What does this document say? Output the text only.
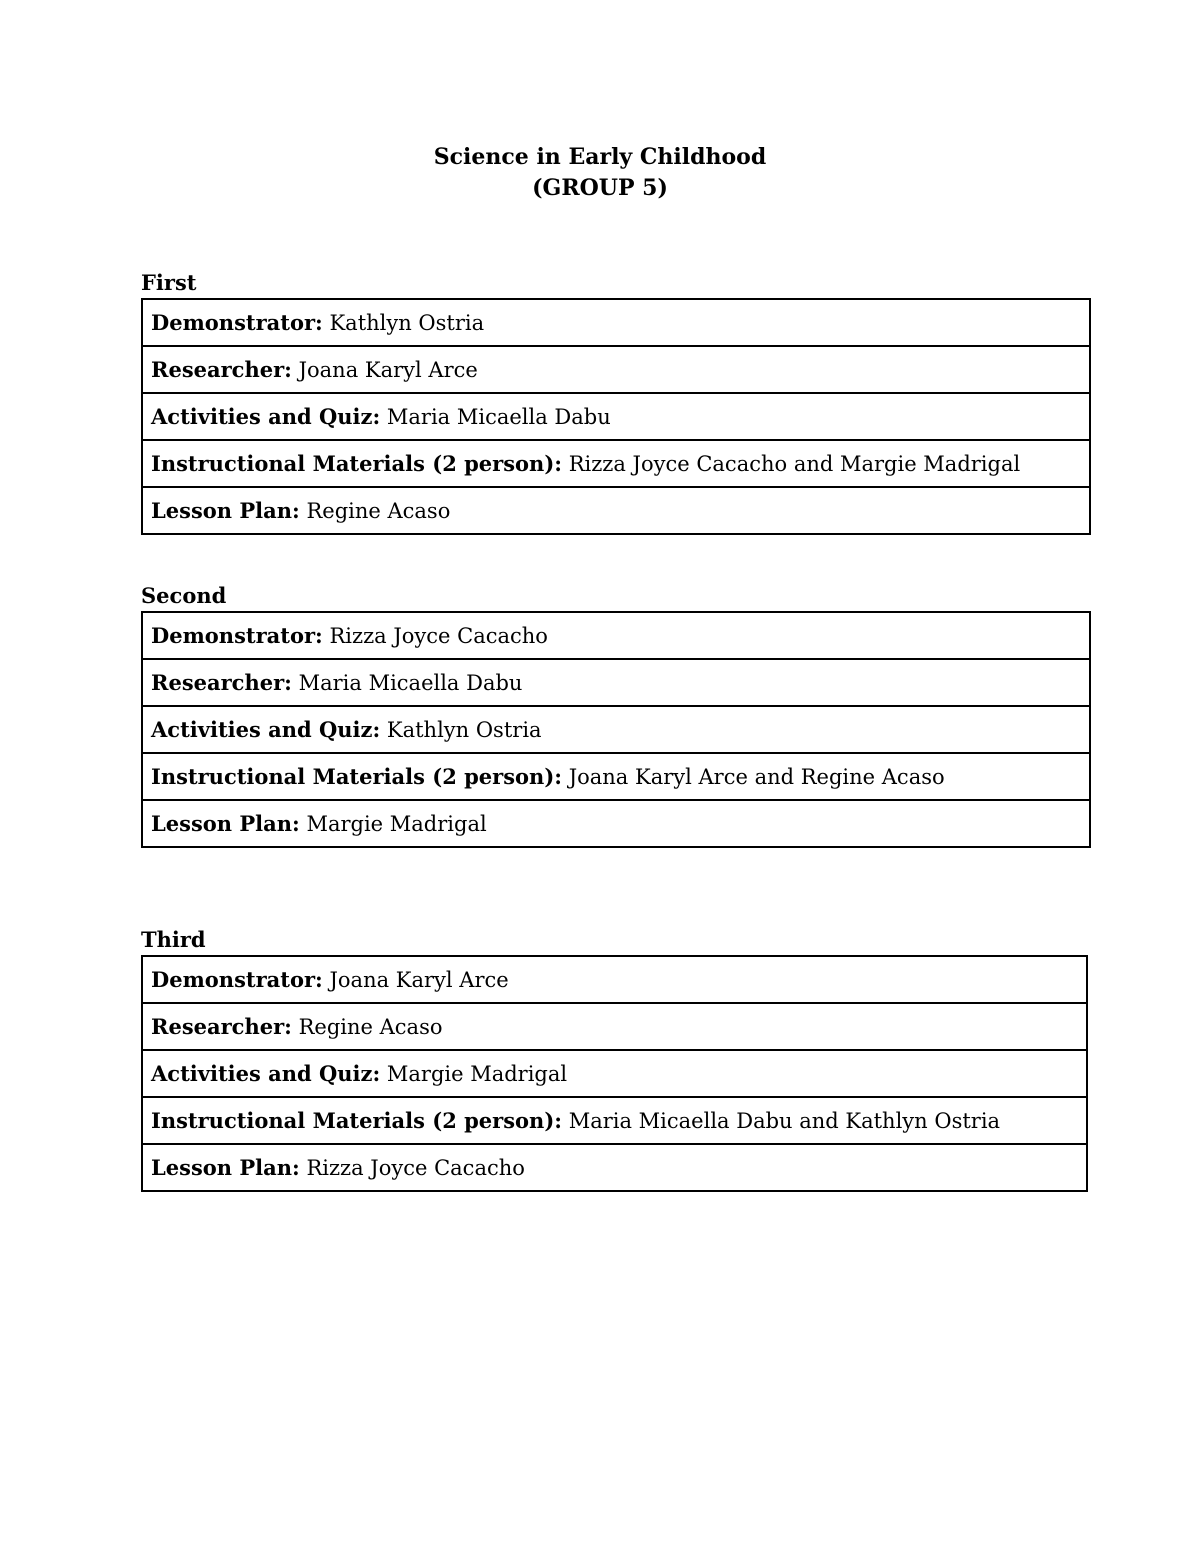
Science in Early Childhood
(GROUP 5)
First
Demonstrator: Kathlyn Ostria
Researcher: Joana Karyl Arce
Activities and Quiz: Maria Micaella Dabu
Instructional Materials (2 person): Rizza Joyce Cacacho and Margie Madrigal
Lesson Plan: Regine Acaso
Second
Demonstrator: Rizza Joyce Cacacho
Researcher: Maria Micaella Dabu
Activities and Quiz: Kathlyn Ostria
Instructional Materials (2 person): Joana Karyl Arce and Regine Acaso
Lesson Plan: Margie Madrigal
Third
Demonstrator: Joana Karyl Arce
Researcher: Regine Acaso
Activities and Quiz: Margie Madrigal
Instructional Materials (2 person): Maria Micaella Dabu and Kathlyn Ostria
Lesson Plan: Rizza Joyce Cacacho
